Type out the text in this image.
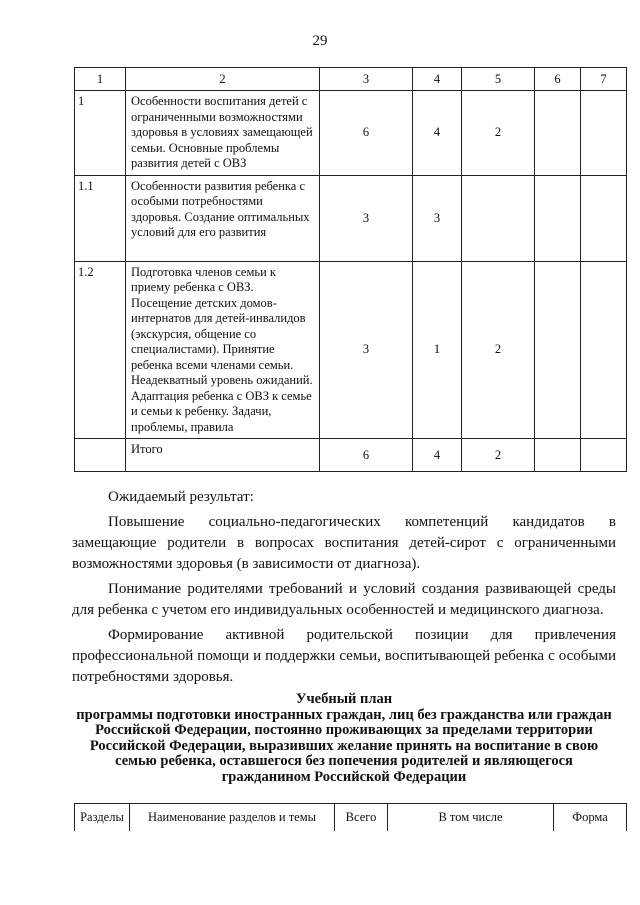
29
1	2	3	4	5	6	7
1	Особенности воспитания детей с ограниченными возможностями здоровья в условиях замещающей семьи. Основные проблемы развития детей с ОВЗ	6	4	2		
1.1	Особенности развития ребенка с особыми потребностями здоровья. Создание оптимальных условий для его развития	3	3			
1.2	Подготовка членов семьи к приему ребенка с ОВЗ. Посещение детских домов-интернатов для детей-инвалидов (экскурсия, общение со специалистами). Принятие ребенка всеми членами семьи. Неадекватный уровень ожиданий. Адаптация ребенка с ОВЗ к семье и семьи к ребенку. Задачи, проблемы, правила	3	1	2		
	Итого	6	4	2		

Ожидаемый результат:

Повышение социально-педагогических компетенций кандидатов в замещающие родители в вопросах воспитания детей-сирот с ограниченными возможностями здоровья (в зависимости от диагноза).

Понимание родителями требований и условий создания развивающей среды для ребенка с учетом его индивидуальных особенностей и медицинского диагноза.

Формирование активной родительской позиции для привлечения профессиональной помощи и поддержки семьи, воспитывающей ребенка с особыми потребностями здоровья.

Учебный план
программы подготовки иностранных граждан, лиц без гражданства или граждан Российской Федерации, постоянно проживающих за пределами территории Российской Федерации, выразивших желание принять на воспитание в свою семью ребенка, оставшегося без попечения родителей и являющегося гражданином Российской Федерации
Разделы	Наименование разделов и темы	Всего	В том числе	Форма
